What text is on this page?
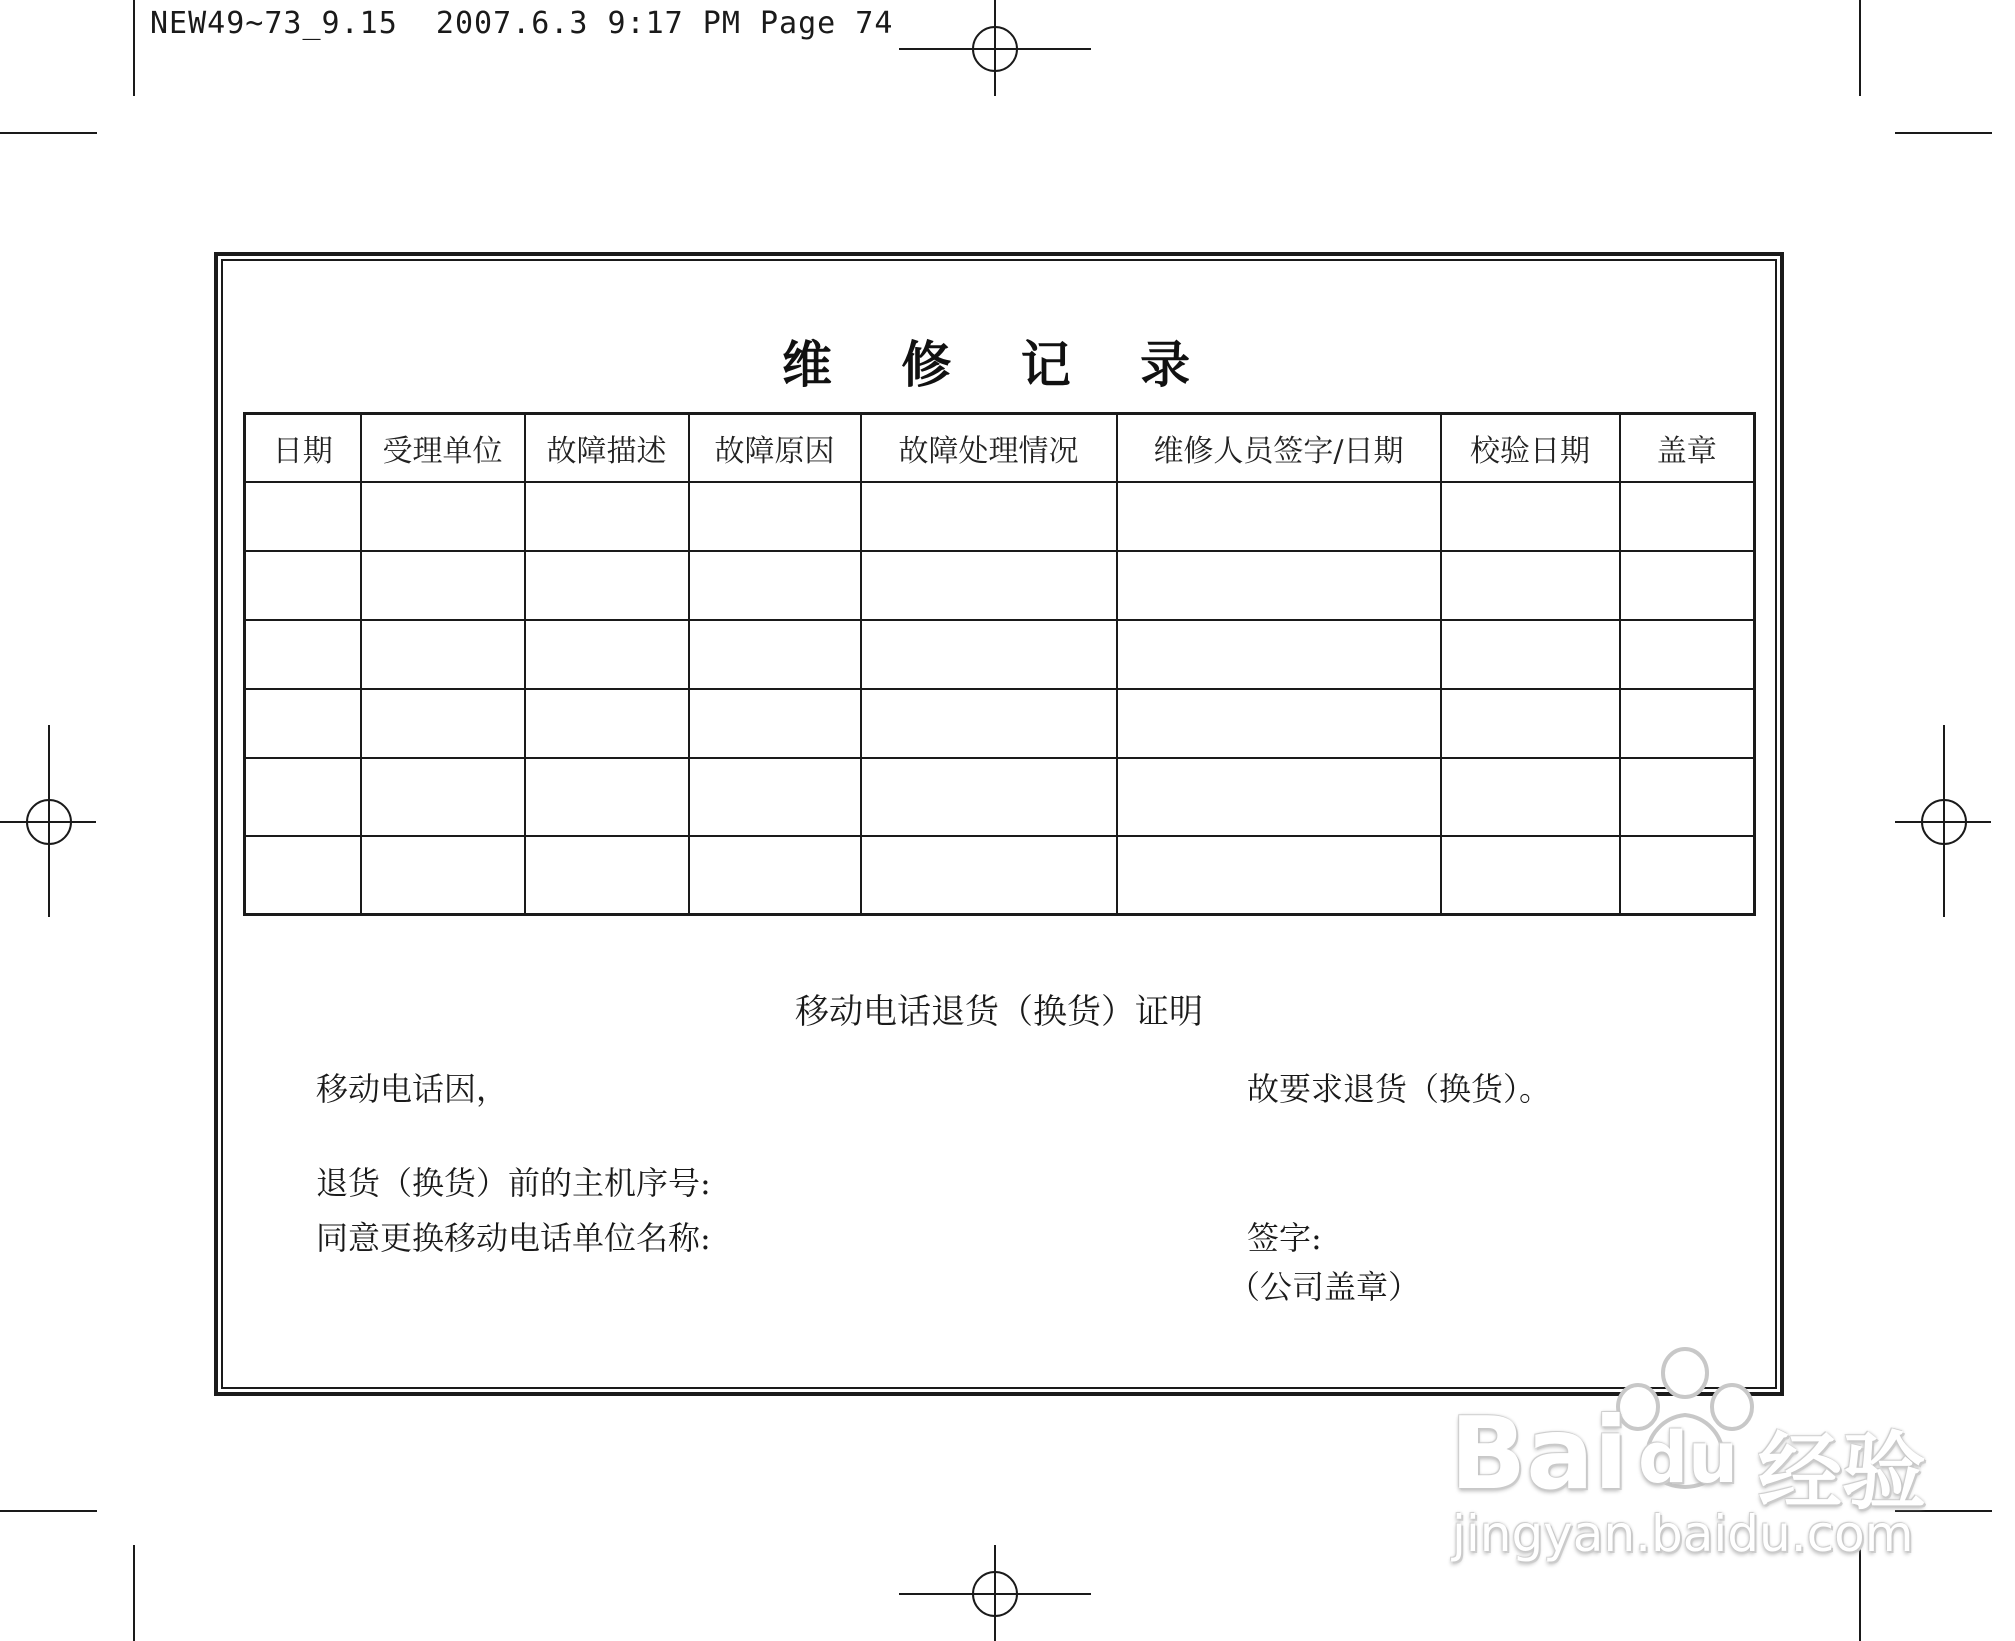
NEW49~73_9.15  2007.6.3 9:17 PM Page 74
维 修 记 录
日期	受理单位	故障描述	故障原因	故障处理情况	维修人员签字/日期	校验日期	盖章

移动电话退货（换货）证明
移动电话因，	故要求退货（换货）。
退货（换货）前的主机序号:
同意更换移动电话单位名称:	签字:
（公司盖章）
Bai du 经验
jingyan.baidu.com
